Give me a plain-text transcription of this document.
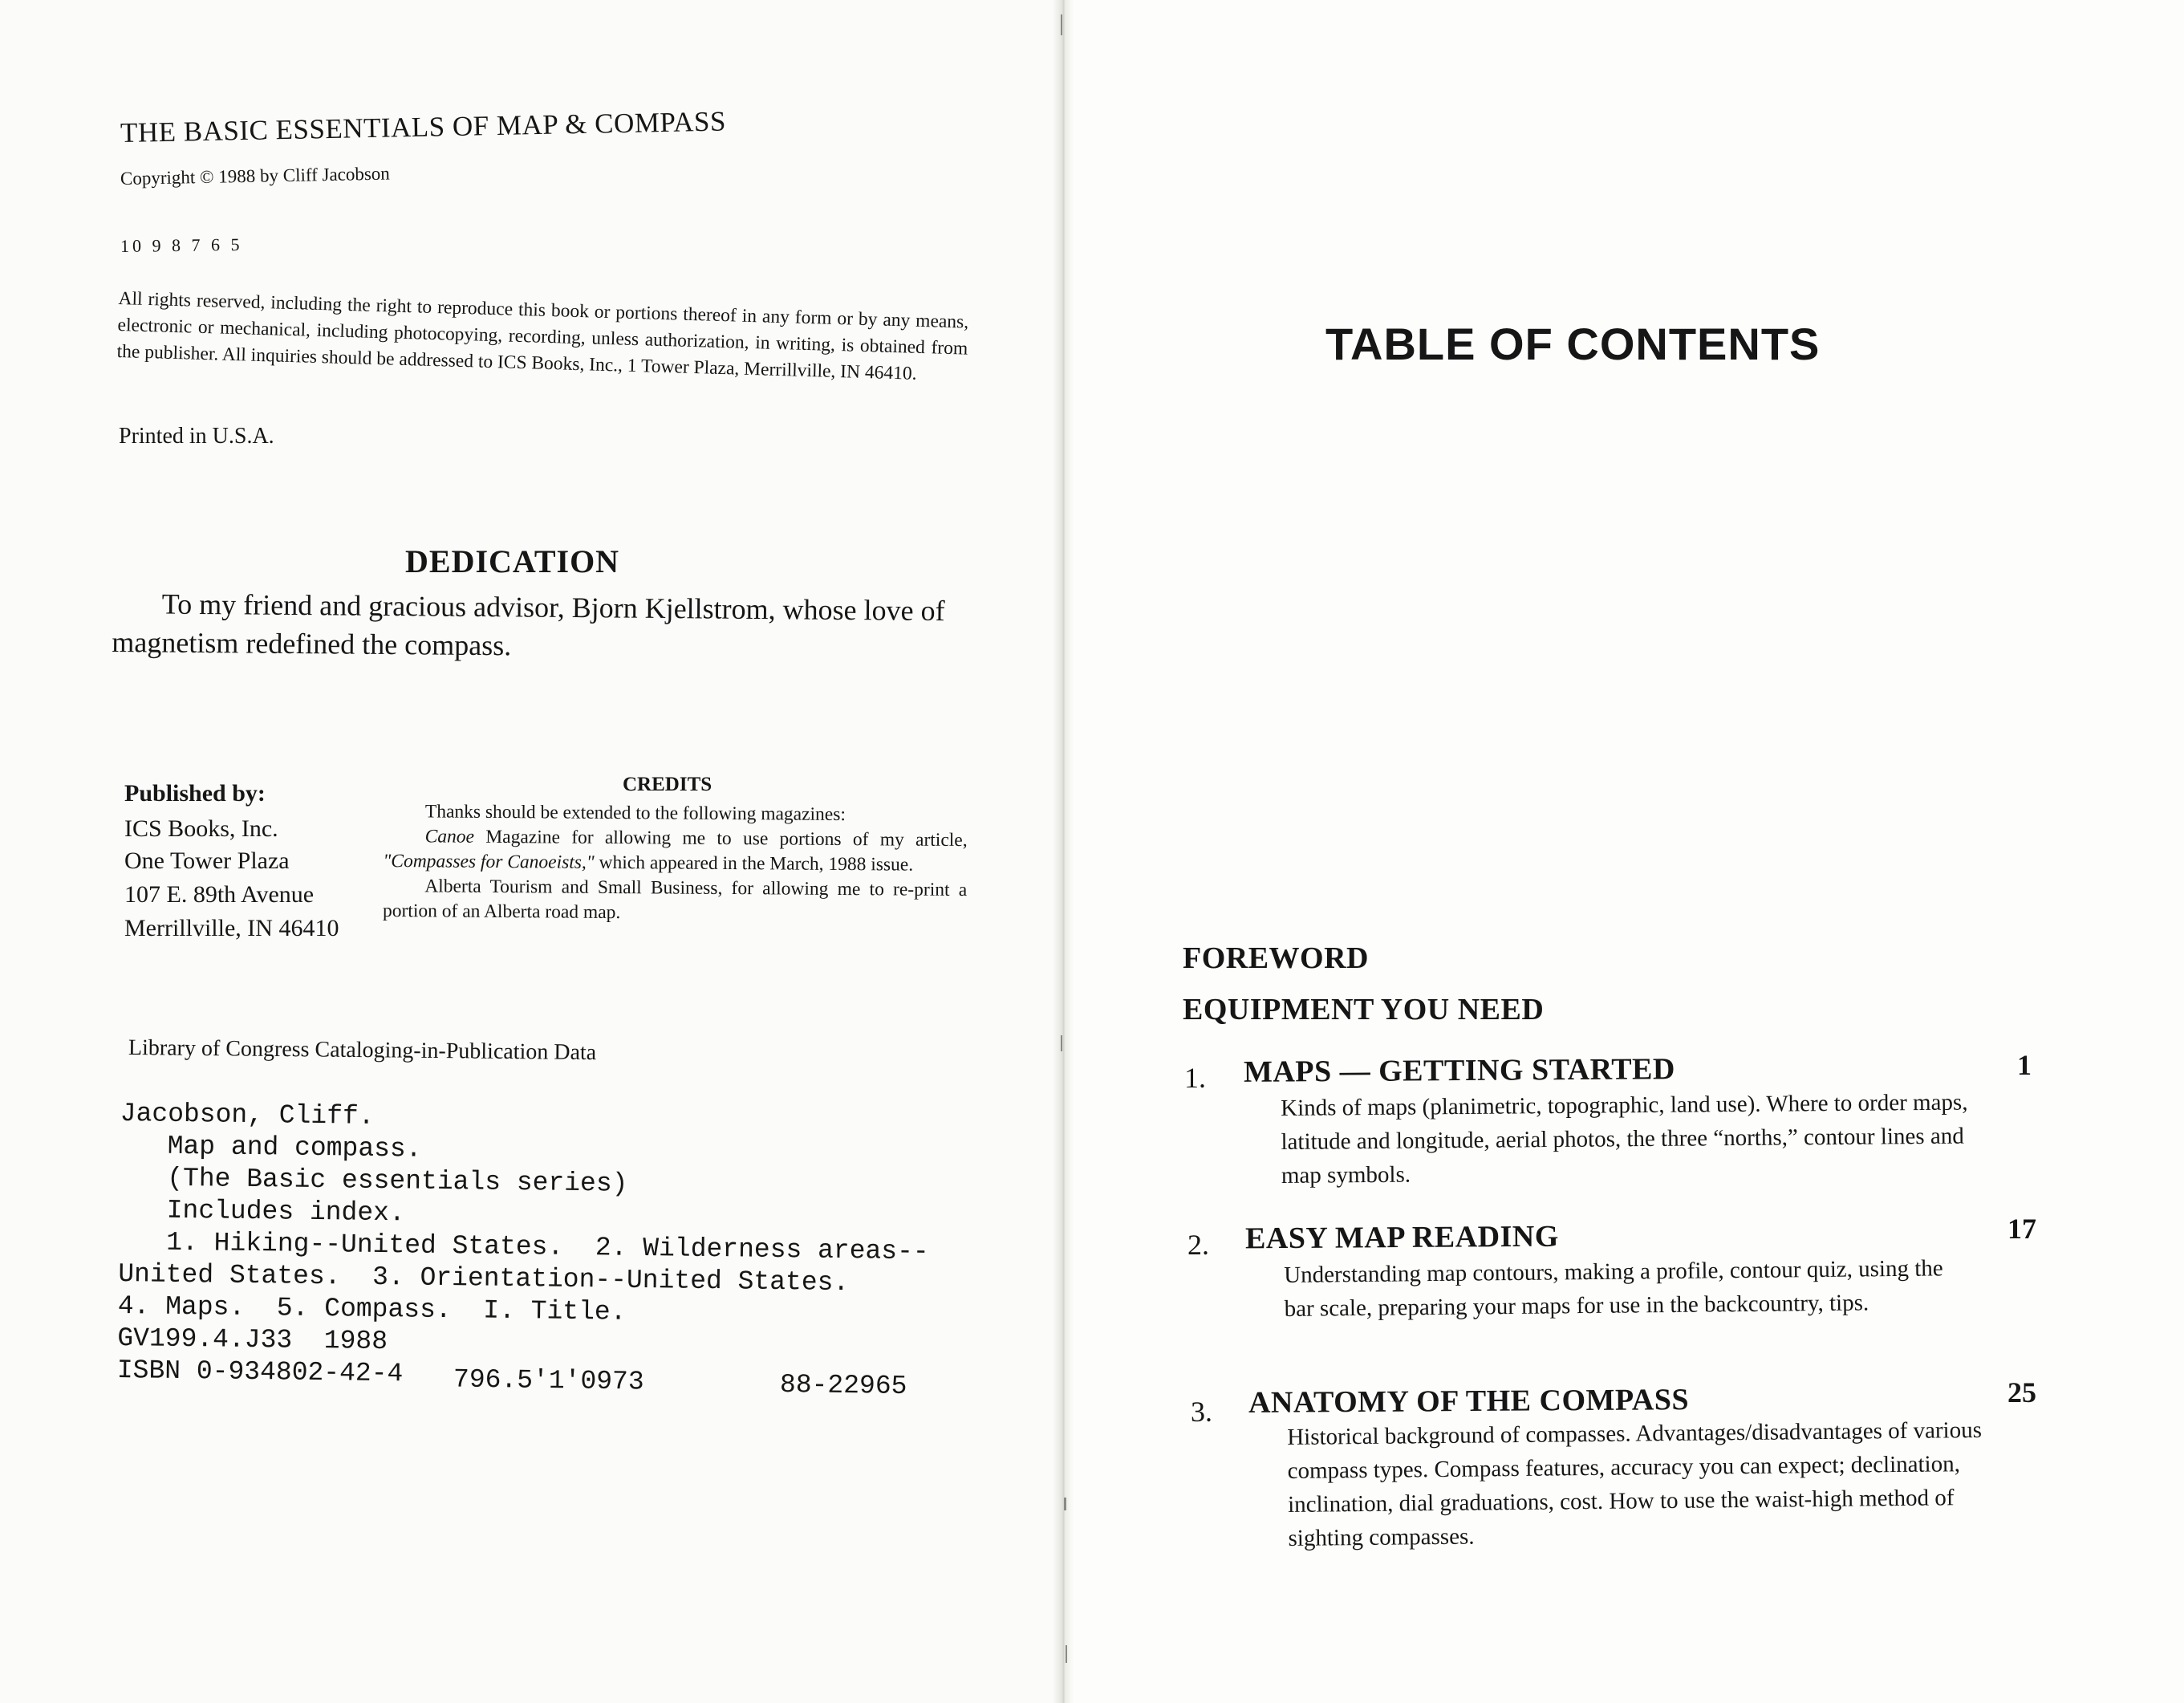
THE BASIC ESSENTIALS OF MAP & COMPASS
Copyright © 1988 by Cliff Jacobson
10 9 8 7 6 5
All rights reserved, including the right to reproduce this book or portions thereof in any form or by any means, electronic or mechanical, including photocopying, recording, unless authorization, in writing, is obtained from the publisher. All inquiries should be addressed to ICS Books, Inc., 1 Tower Plaza, Merrillville, IN 46410.
Printed in U.S.A.
DEDICATION
To my friend and gracious advisor, Bjorn Kjellstrom, whose love of magnetism redefined the compass.
Published by:
ICS Books, Inc.
One Tower Plaza
107 E. 89th Avenue
Merrillville, IN 46410
CREDITS

Thanks should be extended to the following magazines:

Canoe Magazine for allowing me to use portions of my article, "Compasses for Canoeists," which appeared in the March, 1988 issue.

Alberta Tourism and Small Business, for allowing me to re-print a portion of an Alberta road map.

Library of Congress Cataloging-in-Publication Data
Jacobson, Cliff.
Map and compass.
(The Basic essentials series)
Includes index.
1. Hiking--United States.  2. Wilderness areas--
United States.  3. Orientation--United States.
4. Maps.  5. Compass.  I. Title.
GV199.4.J33  1988
ISBN 0-934802-42-4	796.5'1'0973	88-22965
TABLE OF CONTENTS
FOREWORD
EQUIPMENT YOU NEED
1. MAPS — GETTING STARTED	1
Kinds of maps (planimetric, topographic, land use). Where to order maps, latitude and longitude, aerial photos, the three “norths,” contour lines and map symbols.
2. EASY MAP READING	17
Understanding map contours, making a profile, contour quiz, using the bar scale, preparing your maps for use in the backcountry, tips.
3. ANATOMY OF THE COMPASS	25
Historical background of compasses. Advantages/disadvantages of various compass types. Compass features, accuracy you can expect; declination, inclination, dial graduations, cost. How to use the waist-high method of sighting compasses.
